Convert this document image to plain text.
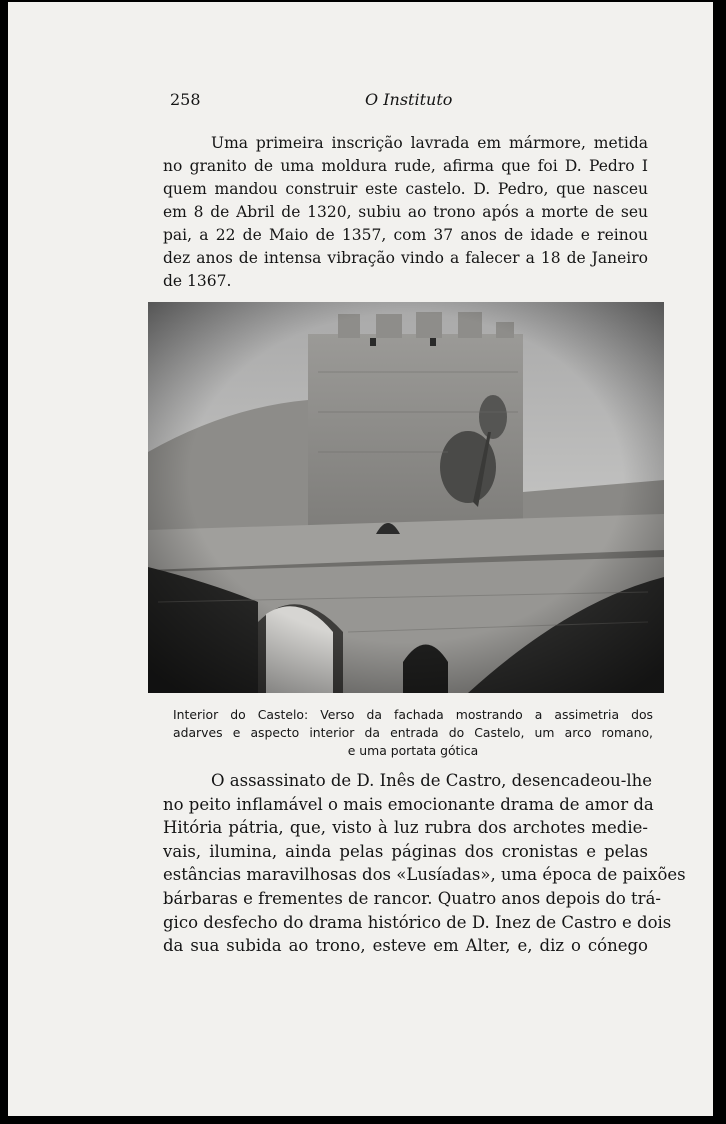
258	O Instituto
Uma primeira inscrição lavrada em mármore, metida
no granito de uma moldura rude, afirma que foi D. Pedro I
quem mandou construir este castelo. D. Pedro, que nasceu
em 8 de Abril de 1320, subiu ao trono após a morte de seu
pai, a 22 de Maio de 1357, com 37 anos de idade e reinou
dez anos de intensa vibração vindo a falecer a 18 de Janeiro
de 1367.
Interior do Castelo: Verso da fachada mostrando a assimetria dos
adarves e aspecto interior da entrada do Castelo, um arco romano,
e uma portata gótica
O assassinato de D. Inês de Castro, desencadeou-lhe
no peito inflamável o mais emocionante drama de amor da
Hitória pátria, que, visto à luz rubra dos archotes medie-
vais, ilumina, ainda pelas páginas dos cronistas e pelas
estâncias maravilhosas dos «Lusíadas», uma época de paixões
bárbaras e frementes de rancor. Quatro anos depois do trá-
gico desfecho do drama histórico de D. Inez de Castro e dois
da sua subida ao trono, esteve em Alter, e, diz o cónego
